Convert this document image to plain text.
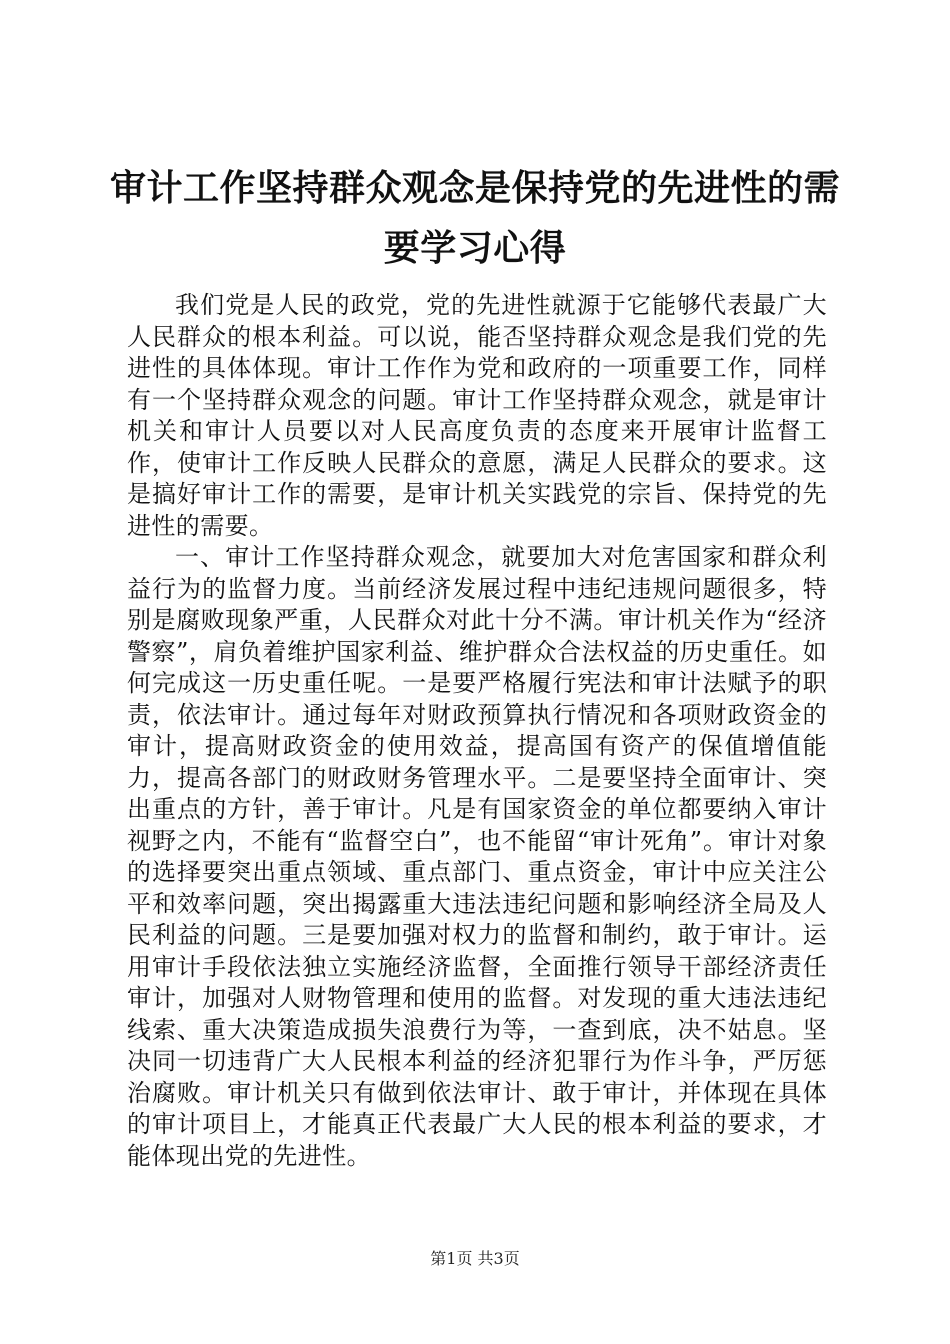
审计工作坚持群众观念是保持党的先进性的需
要学习心得

我们党是人民的政党，党的先进性就源于它能够代表最广大人民群众的根本利益。可以说，能否坚持群众观念是我们党的先进性的具体体现。审计工作作为党和政府的一项重要工作，同样有一个坚持群众观念的问题。审计工作坚持群众观念，就是审计机关和审计人员要以对人民高度负责的态度来开展审计监督工作，使审计工作反映人民群众的意愿，满足人民群众的要求。这是搞好审计工作的需要，是审计机关实践党的宗旨、保持党的先进性的需要。

一、审计工作坚持群众观念，就要加大对危害国家和群众利益行为的监督力度。当前经济发展过程中违纪违规问题很多，特别是腐败现象严重，人民群众对此十分不满。审计机关作为“经济警察”，肩负着维护国家利益、维护群众合法权益的历史重任。如何完成这一历史重任呢。一是要严格履行宪法和审计法赋予的职责，依法审计。通过每年对财政预算执行情况和各项财政资金的审计，提高财政资金的使用效益，提高国有资产的保值增值能力，提高各部门的财政财务管理水平。二是要坚持全面审计、突出重点的方针，善于审计。凡是有国家资金的单位都要纳入审计视野之内，不能有“监督空白”，也不能留“审计死角”。审计对象的选择要突出重点领域、重点部门、重点资金，审计中应关注公平和效率问题，突出揭露重大违法违纪问题和影响经济全局及人民利益的问题。三是要加强对权力的监督和制约，敢于审计。运用审计手段依法独立实施经济监督，全面推行领导干部经济责任审计，加强对人财物管理和使用的监督。对发现的重大违法违纪线索、重大决策造成损失浪费行为等，一查到底，决不姑息。坚决同一切违背广大人民根本利益的经济犯罪行为作斗争，严厉惩治腐败。审计机关只有做到依法审计、敢于审计，并体现在具体的审计项目上，才能真正代表最广大人民的根本利益的要求，才能体现出党的先进性。

第1页 共3页
